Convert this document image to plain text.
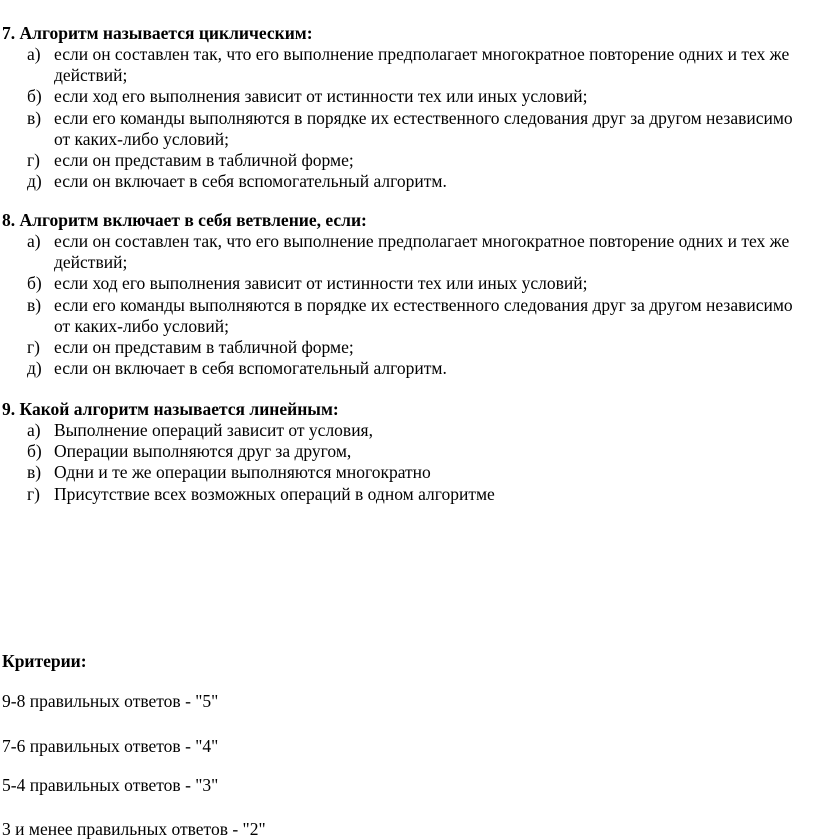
7. Алгоритм называется циклическим:
а) если он составлен так, что его выполнение предполагает многократное повторение одних и тех же действий;
б) если ход его выполнения зависит от истинности тех или иных условий;
в) если его команды выполняются в порядке их естественного следования друг за другом независимо от каких-либо условий;
г) если он представим в табличной форме;
д) если он включает в себя вспомогательный алгоритм.
8. Алгоритм включает в себя ветвление, если:
а) если он составлен так, что его выполнение предполагает многократное повторение одних и тех же действий;
б) если ход его выполнения зависит от истинности тех или иных условий;
в) если его команды выполняются в порядке их естественного следования друг за другом независимо от каких-либо условий;
г) если он представим в табличной форме;
д) если он включает в себя вспомогательный алгоритм.
9. Какой алгоритм называется линейным:
а) Выполнение операций зависит от условия,
б) Операции выполняются друг за другом,
в) Одни и те же операции выполняются многократно
г) Присутствие всех возможных операций в одном алгоритме
Критерии:
9-8 правильных ответов - "5"
7-6 правильных ответов - "4"
5-4 правильных ответов - "3"
3 и менее правильных ответов - "2"
